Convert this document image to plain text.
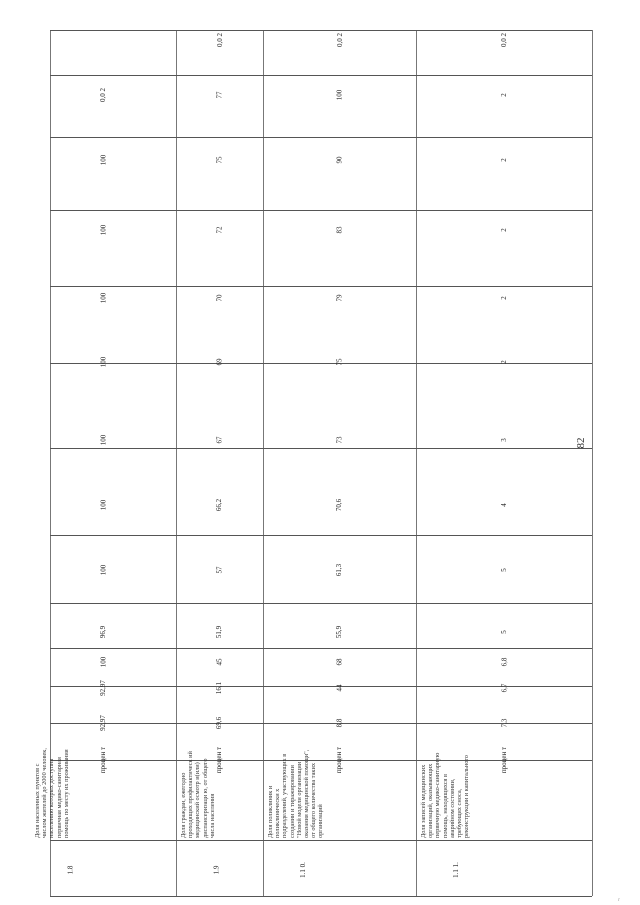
82
1.8
Доля населенных пунктов с числом жителей до 2000 человек, населению которых доступна первичная медико-санитарная помощь по месту их проживания	процен т
92,97
92,97
100
96,9
100
100
100
100
100
100
100
0,0 2
1.9
Доля граждан, ежегодно проходящих профилактическ ий медицинский осмотр и(или) диспансеризаци ю, от общего числа населения
процен т
69,6
16,1
45
51,9
57
66,2
67
69
70
72
75
77
0,0 2
1.1 0.
Доля поликлиник и поликлинически х подразделений, участвующих в создании и тиражировании "Новой модели организации оказания медицинской помощи", от общего количества таких организаций
процен т
8,8
44
68
55,9
61,3
70,6
73
75
79
83
90
100
0,0 2
1.1 1.
Доля записей медицинских организаций, оказывающих первичную медико-санитарную помощь, находящихся в аварийном состоянии, требующих сноса, реконструкции и капитального	процен т
7,3
6,7
6,8
5
5
4
3
2
2
2
2
2
0,0 2
г
